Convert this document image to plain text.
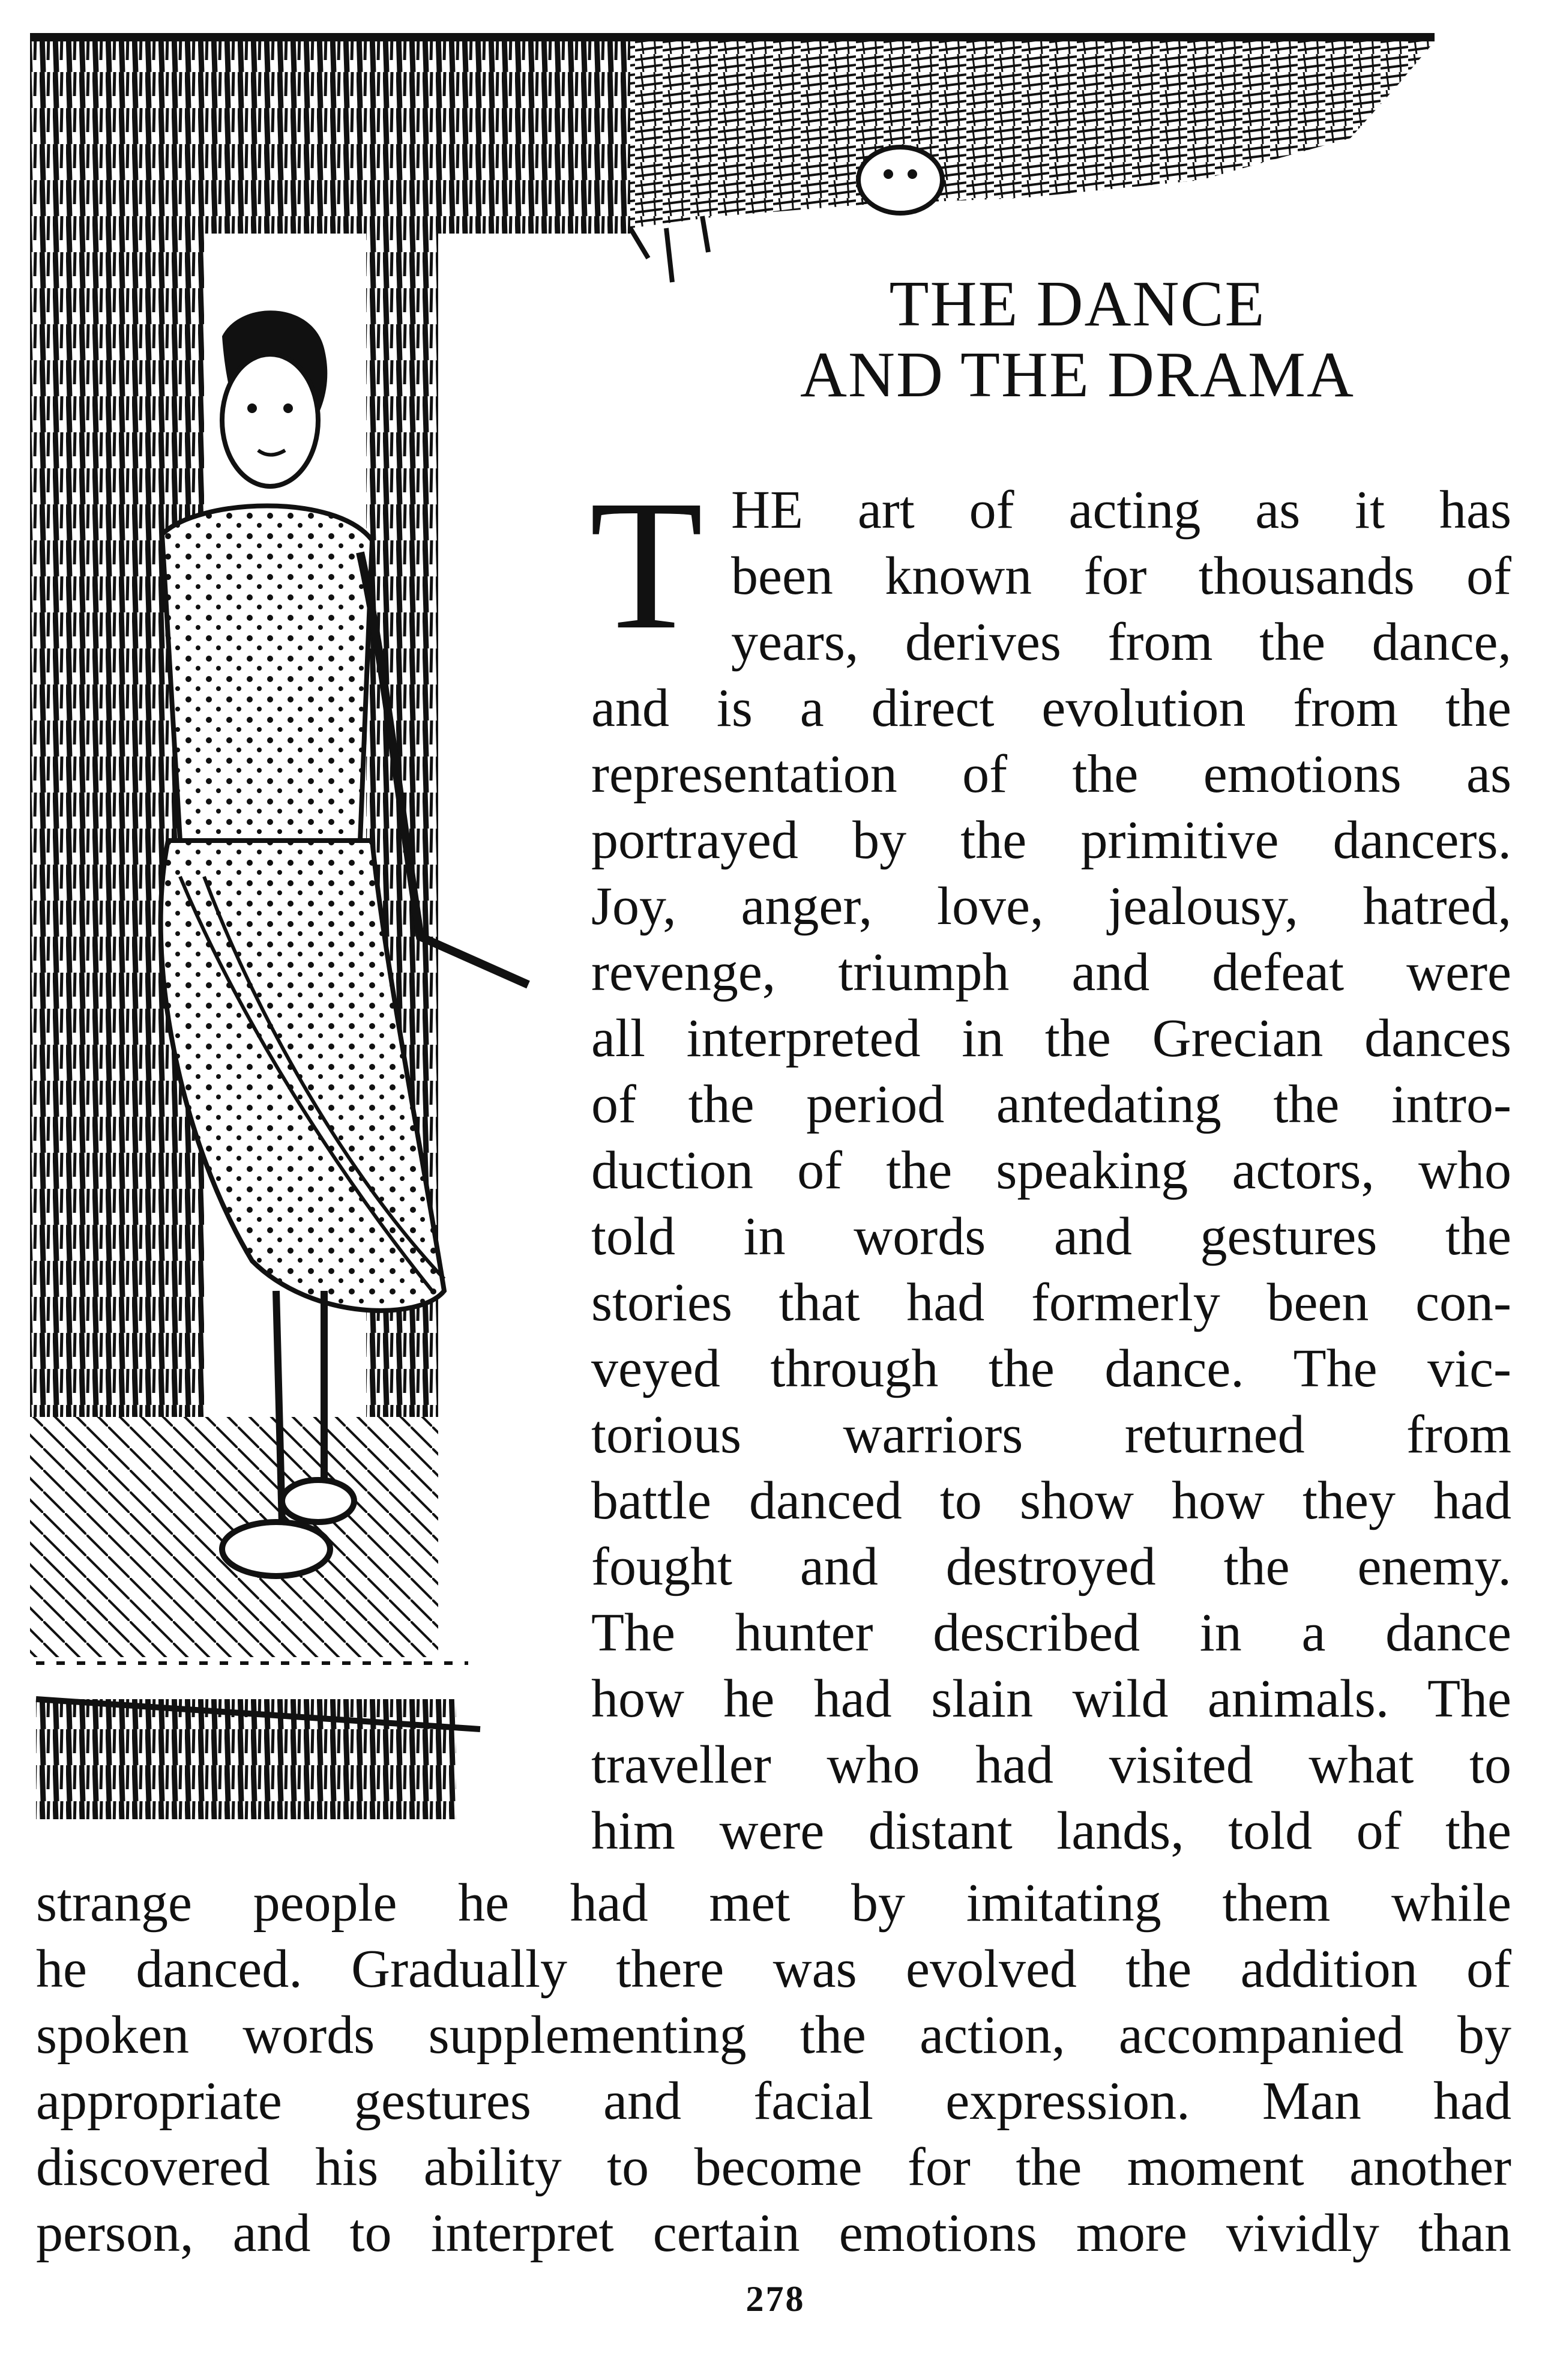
THE DANCE
AND THE DRAMA
T HE art of acting as it has
been known for thousands of
years, derives from the dance,
and is a direct evolution from the
representation of the emotions as
portrayed by the primitive dancers.
Joy, anger, love, jealousy, hatred,
revenge, triumph and defeat were
all interpreted in the Grecian dances
of the period antedating the intro-
duction of the speaking actors, who
told in words and gestures the
stories that had formerly been con-
veyed through the dance. The vic-
torious warriors returned from
battle danced to show how they had
fought and destroyed the enemy.
The hunter described in a dance
how he had slain wild animals. The
traveller who had visited what to
him were distant lands, told of the
strange people he had met by imitating them while
he danced. Gradually there was evolved the addition of
spoken words supplementing the action, accompanied by
appropriate gestures and facial expression. Man had
discovered his ability to become for the moment another
person, and to interpret certain emotions more vividly than
278
